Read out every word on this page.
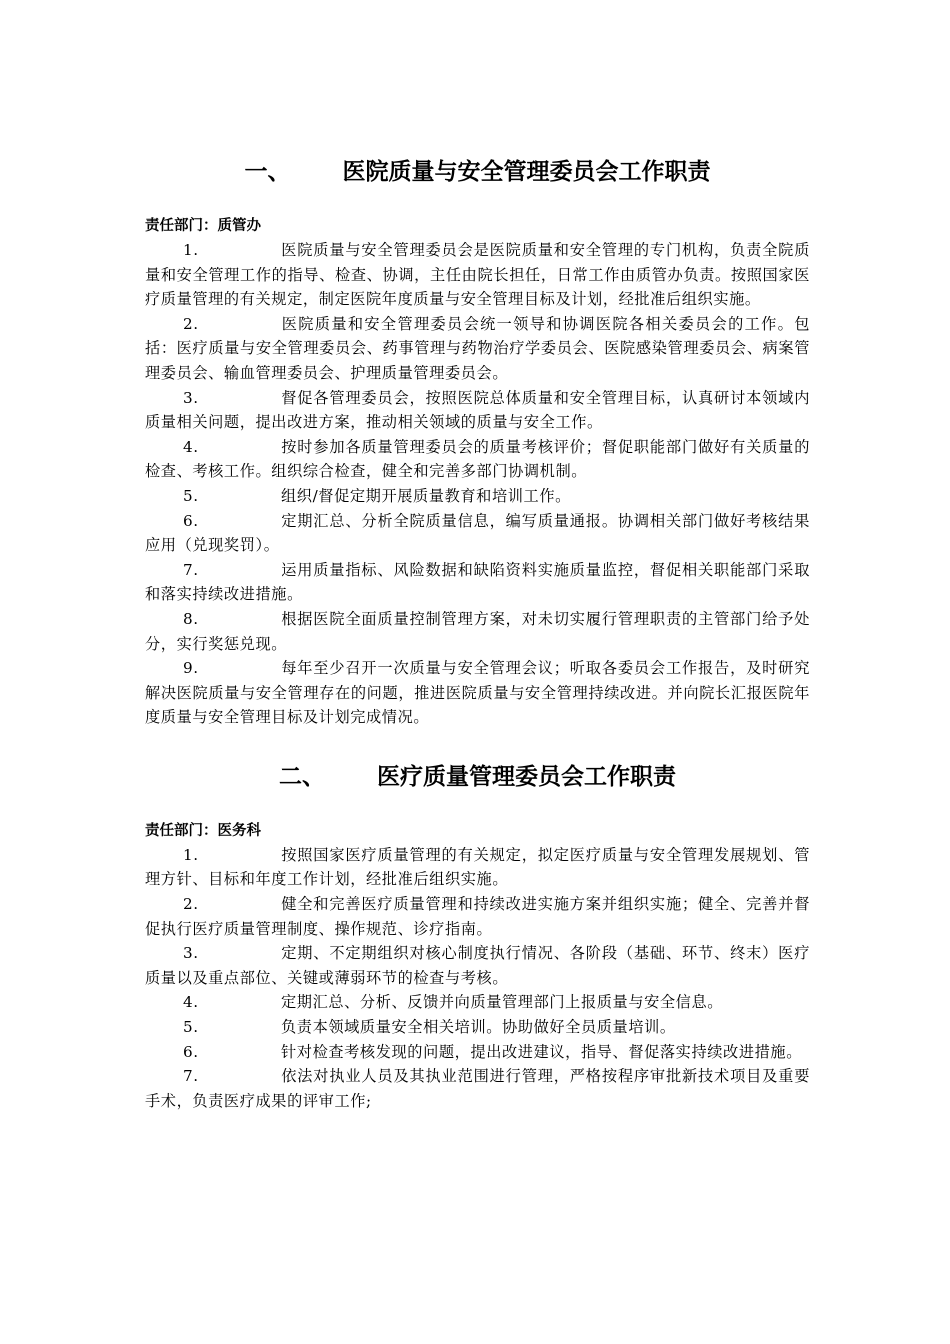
一、 医院质量与安全管理委员会工作职责
责任部门：质管办

1.	医院质量与安全管理委员会是医院质量和安全管理的专门机构，负责全院质量和安全管理工作的指导、检查、协调，主任由院长担任，日常工作由质管办负责。按照国家医疗质量管理的有关规定，制定医院年度质量与安全管理目标及计划，经批准后组织实施。

2.	医院质量和安全管理委员会统一领导和协调医院各相关委员会的工作。包括：医疗质量与安全管理委员会、药事管理与药物治疗学委员会、医院感染管理委员会、病案管理委员会、输血管理委员会、护理质量管理委员会。

3.	督促各管理委员会，按照医院总体质量和安全管理目标，认真研讨本领域内质量相关问题，提出改进方案，推动相关领域的质量与安全工作。

4.	按时参加各质量管理委员会的质量考核评价；督促职能部门做好有关质量的检查、考核工作。组织综合检查，健全和完善多部门协调机制。

5.	组织/督促定期开展质量教育和培训工作。

6.	定期汇总、分析全院质量信息，编写质量通报。协调相关部门做好考核结果应用（兑现奖罚）。

7.	运用质量指标、风险数据和缺陷资料实施质量监控，督促相关职能部门采取和落实持续改进措施。

8.	根据医院全面质量控制管理方案，对未切实履行管理职责的主管部门给予处分，实行奖惩兑现。

9.	每年至少召开一次质量与安全管理会议；听取各委员会工作报告，及时研究解决医院质量与安全管理存在的问题，推进医院质量与安全管理持续改进。并向院长汇报医院年度质量与安全管理目标及计划完成情况。

二、 医疗质量管理委员会工作职责
责任部门：医务科

1.	按照国家医疗质量管理的有关规定，拟定医疗质量与安全管理发展规划、管理方针、目标和年度工作计划，经批准后组织实施。

2.	健全和完善医疗质量管理和持续改进实施方案并组织实施；健全、完善并督促执行医疗质量管理制度、操作规范、诊疗指南。

3.	定期、不定期组织对核心制度执行情况、各阶段（基础、环节、终末）医疗质量以及重点部位、关键或薄弱环节的检查与考核。

4.	定期汇总、分析、反馈并向质量管理部门上报质量与安全信息。

5.	负责本领域质量安全相关培训。协助做好全员质量培训。

6.	针对检查考核发现的问题，提出改进建议，指导、督促落实持续改进措施。

7.	依法对执业人员及其执业范围进行管理，严格按程序审批新技术项目及重要手术，负责医疗成果的评审工作;
